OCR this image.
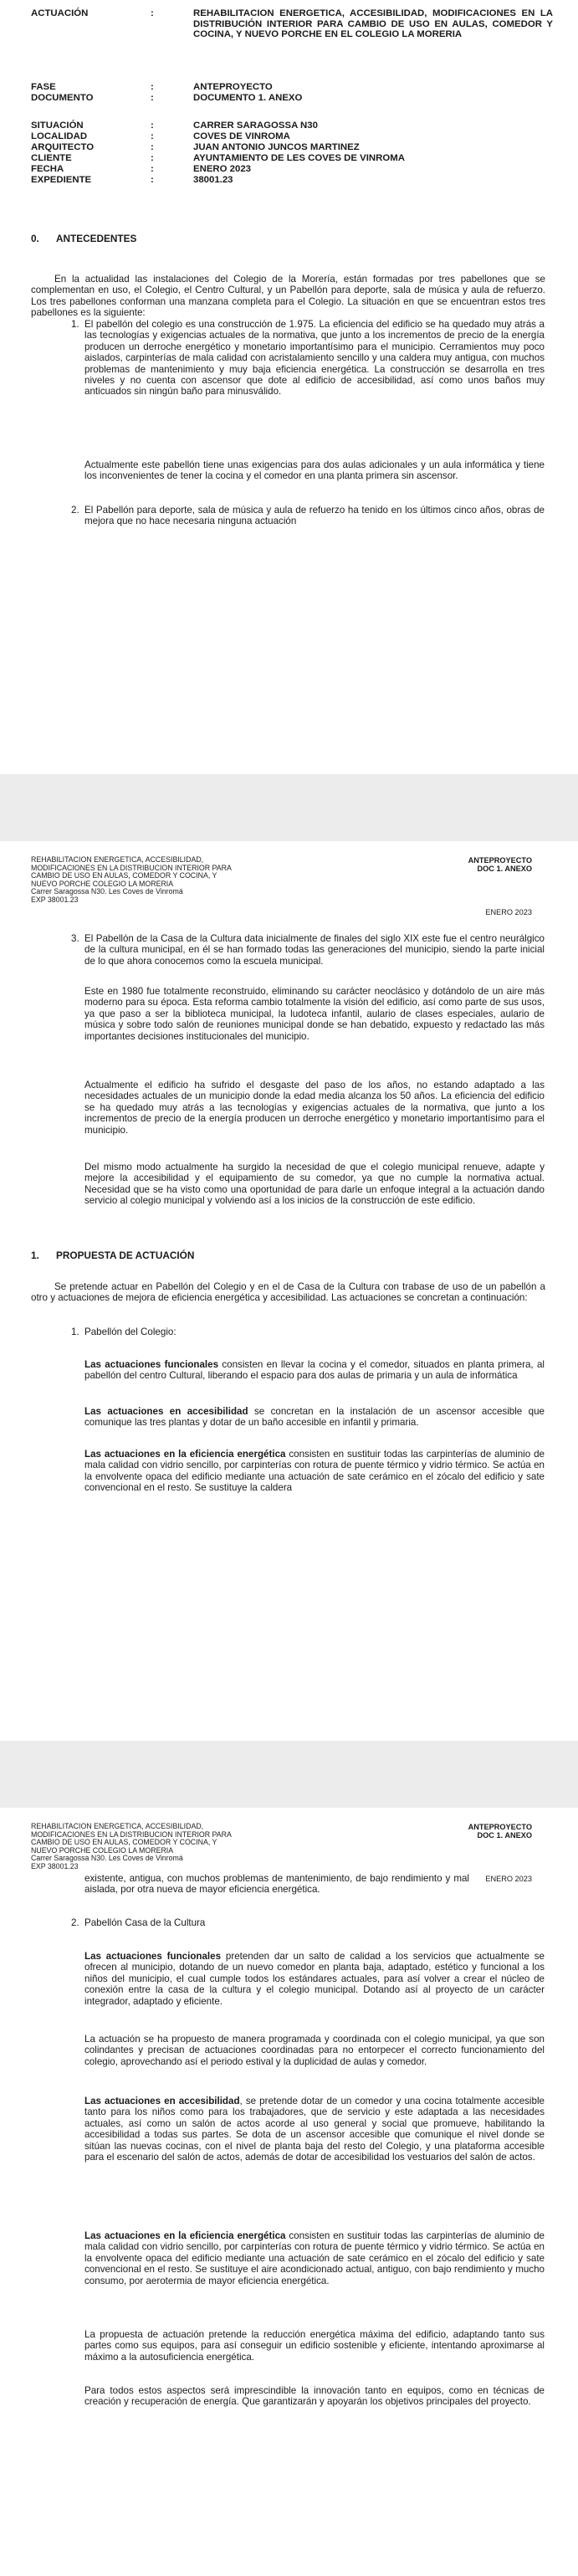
ACTUACIÓN	:	REHABILITACION ENERGETICA, ACCESIBILIDAD, MODIFICACIONES EN LA DISTRIBUCIÓN INTERIOR PARA CAMBIO DE USO EN AULAS, COMEDOR Y COCINA, Y NUEVO PORCHE EN EL COLEGIO LA MORERIA
FASE	:	ANTEPROYECTO
DOCUMENTO	:	DOCUMENTO 1. ANEXO
SITUACIÓN	:	CARRER SARAGOSSA N30
LOCALIDAD	:	COVES DE VINROMA
ARQUITECTO	:	JUAN ANTONIO JUNCOS MARTINEZ
CLIENTE	:	AYUNTAMIENTO DE LES COVES DE VINROMA
FECHA	:	ENERO 2023
EXPEDIENTE	:	38001.23
0. ANTECEDENTES

En la actualidad las instalaciones del Colegio de la Morería, están formadas por tres pabellones que se complementan en uso, el Colegio, el Centro Cultural, y un Pabellón para deporte, sala de música y aula de refuerzo. Los tres pabellones conforman una manzana completa para el Colegio. La situación en que se encuentran estos tres pabellones es la siguiente:

1. El pabellón del colegio es una construcción de 1.975. La eficiencia del edificio se ha quedado muy atrás a las tecnologías y exigencias actuales de la normativa, que junto a los incrementos de precio de la energía producen un derroche energético y monetario importantísimo para el municipio. Cerramientos muy poco aislados, carpinterías de mala calidad con acristalamiento sencillo y una caldera muy antigua, con muchos problemas de mantenimiento y muy baja eficiencia energética. La construcción se desarrolla en tres niveles y no cuenta con ascensor que dote al edificio de accesibilidad, así como unos baños muy anticuados sin ningún baño para minusválido.

Actualmente este pabellón tiene unas exigencias para dos aulas adicionales y un aula informática y tiene los inconvenientes de tener la cocina y el comedor en una planta primera sin ascensor.

2. El Pabellón para deporte, sala de música y aula de refuerzo ha tenido en los últimos cinco años, obras de mejora que no hace necesaria ninguna actuación

REHABILITACION ENERGETICA, ACCESIBILIDAD,
MODIFICACIONES EN LA DISTRIBUCION INTERIOR PARA
CAMBIO DE USO EN AULAS, COMEDOR Y COCINA, Y
NUEVO PORCHE COLEGIO LA MORERIA
Carrer Saragossa N30. Les Coves de Vinromá
EXP 38001.23
ANTEPROYECTO
DOC 1. ANEXO
ENERO 2023
3. El Pabellón de la Casa de la Cultura data inicialmente de finales del siglo XIX este fue el centro neurálgico de la cultura municipal, en él se han formado todas las generaciones del municipio, siendo la parte inicial de lo que ahora conocemos como la escuela municipal.

Este en 1980 fue totalmente reconstruido, eliminando su carácter neoclásico y dotándolo de un aire más moderno para su época. Esta reforma cambio totalmente la visión del edificio, así como parte de sus usos, ya que paso a ser la biblioteca municipal, la ludoteca infantil, aulario de clases especiales, aulario de música y sobre todo salón de reuniones municipal donde se han debatido, expuesto y redactado las más importantes decisiones institucionales del municipio.

Actualmente el edificio ha sufrido el desgaste del paso de los años, no estando adaptado a las necesidades actuales de un municipio donde la edad media alcanza los 50 años. La eficiencia del edificio se ha quedado muy atrás a las tecnologías y exigencias actuales de la normativa, que junto a los incrementos de precio de la energía producen un derroche energético y monetario importantísimo para el municipio.

Del mismo modo actualmente ha surgido la necesidad de que el colegio municipal renueve, adapte y mejore la accesibilidad y el equipamiento de su comedor, ya que no cumple la normativa actual. Necesidad que se ha visto como una oportunidad de para darle un enfoque integral a la actuación dando servicio al colegio municipal y volviendo así a los inicios de la construcción de este edificio.

1. PROPUESTA DE ACTUACIÓN

Se pretende actuar en Pabellón del Colegio y en el de Casa de la Cultura con trabase de uso de un pabellón a otro y actuaciones de mejora de eficiencia energética y accesibilidad. Las actuaciones se concretan a continuación:

1. Pabellón del Colegio:

Las actuaciones funcionales consisten en llevar la cocina y el comedor, situados en planta primera, al pabellón del centro Cultural, liberando el espacio para dos aulas de primaria y un aula de informática

Las actuaciones en accesibilidad se concretan en la instalación de un ascensor accesible que comunique las tres plantas y dotar de un baño accesible en infantil y primaria.

Las actuaciones en la eficiencia energética consisten en sustituir todas las carpinterías de aluminio de mala calidad con vidrio sencillo, por carpinterías con rotura de puente térmico y vidrio térmico. Se actúa en la envolvente opaca del edificio mediante una actuación de sate cerámico en el zócalo del edificio y sate convencional en el resto. Se sustituye la caldera

REHABILITACION ENERGETICA, ACCESIBILIDAD,
MODIFICACIONES EN LA DISTRIBUCION INTERIOR PARA
CAMBIO DE USO EN AULAS, COMEDOR Y COCINA, Y
NUEVO PORCHE COLEGIO LA MORERIA
Carrer Saragossa N30. Les Coves de Vinromá
EXP 38001.23
ANTEPROYECTO
DOC 1. ANEXO
ENERO 2023

existente, antigua, con muchos problemas de mantenimiento, de bajo rendimiento y mal aislada, por otra nueva de mayor eficiencia energética.

2. Pabellón Casa de la Cultura

Las actuaciones funcionales pretenden dar un salto de calidad a los servicios que actualmente se ofrecen al municipio, dotando de un nuevo comedor en planta baja, adaptado, estético y funcional a los niños del municipio, el cual cumple todos los estándares actuales, para así volver a crear el núcleo de conexión entre la casa de la cultura y el colegio municipal. Dotando así al proyecto de un carácter integrador, adaptado y eficiente.

La actuación se ha propuesto de manera programada y coordinada con el colegio municipal, ya que son colindantes y precisan de actuaciones coordinadas para no entorpecer el correcto funcionamiento del colegio, aprovechando así el periodo estival y la duplicidad de aulas y comedor.

Las actuaciones en accesibilidad, se pretende dotar de un comedor y una cocina totalmente accesible tanto para los niños como para los trabajadores, que de servicio y este adaptada a las necesidades actuales, así como un salón de actos acorde al uso general y social que promueve, habilitando la accesibilidad a todas sus partes. Se dota de un ascensor accesible que comunique el nivel donde se sitúan las nuevas cocinas, con el nivel de planta baja del resto del Colegio, y una plataforma accesible para el escenario del salón de actos, además de dotar de accesibilidad los vestuarios del salón de actos.

Las actuaciones en la eficiencia energética consisten en sustituir todas las carpinterías de aluminio de mala calidad con vidrio sencillo, por carpinterías con rotura de puente térmico y vidrio térmico. Se actúa en la envolvente opaca del edificio mediante una actuación de sate cerámico en el zócalo del edificio y sate convencional en el resto. Se sustituye el aire acondicionado actual, antiguo, con bajo rendimiento y mucho consumo, por aerotermia de mayor eficiencia energética.

La propuesta de actuación pretende la reducción energética máxima del edificio, adaptando tanto sus partes como sus equipos, para así conseguir un edificio sostenible y eficiente, intentando aproximarse al máximo a la autosuficiencia energética.

Para todos estos aspectos será imprescindible la innovación tanto en equipos, como en técnicas de creación y recuperación de energía. Que garantizarán y apoyarán los objetivos principales del proyecto.
